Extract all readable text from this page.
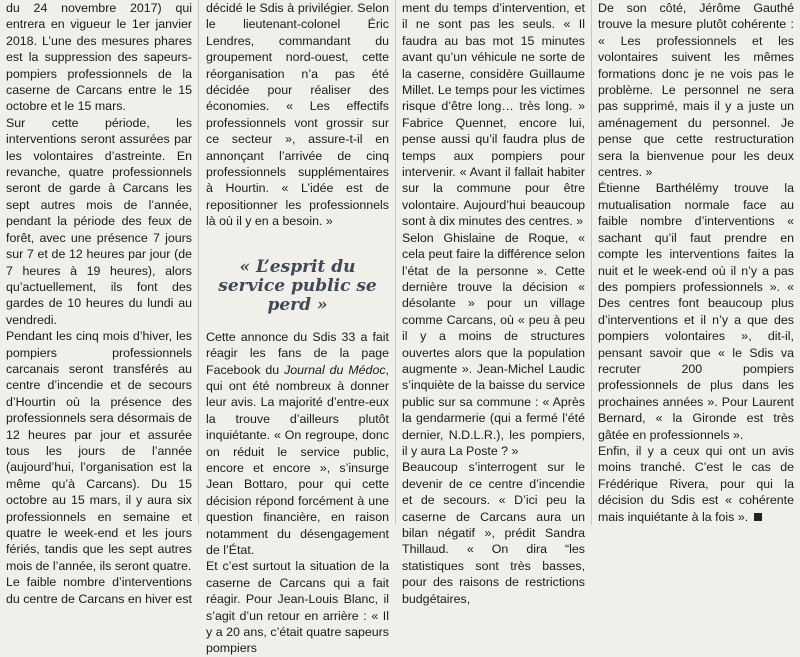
du 24 novembre 2017) qui entrera en vigueur le 1er janvier 2018. L’une des mesures phares est la suppression des sapeurs-pompiers professionnels de la caserne de Carcans entre le 15 octobre et le 15 mars.

Sur cette période, les interventions seront assurées par les volontaires d’astreinte. En revanche, quatre professionnels seront de garde à Carcans les sept autres mois de l’année, pendant la période des feux de forêt, avec une présence 7 jours sur 7 et de 12 heures par jour (de 7 heures à 19 heures), alors qu’actuellement, ils font des gardes de 10 heures du lundi au vendredi.

Pendant les cinq mois d’hiver, les pompiers professionnels carcanais seront transférés au centre d’incendie et de secours d’Hourtin où la présence des professionnels sera désormais de 12 heures par jour et assurée tous les jours de l’année (aujourd’hui, l’organisation est la même qu’à Carcans). Du 15 octobre au 15 mars, il y aura six professionnels en semaine et quatre le week-end et les jours fériés, tandis que les sept autres mois de l’année, ils seront quatre.

Le faible nombre d’interventions du centre de Carcans en hiver est

décidé le Sdis à privilégier. Selon le lieutenant-colonel Éric Lendres, commandant du groupement nord-ouest, cette réorganisation n’a pas été décidée pour réaliser des économies. « Les effectifs professionnels vont grossir sur ce secteur », assure-t-il en annonçant l’arrivée de cinq professionnels supplémentaires à Hourtin. « L’idée est de repositionner les professionnels là où il y en a besoin. »

« L’esprit du service public se perd »

Cette annonce du Sdis 33 a fait réagir les fans de la page Facebook du Journal du Médoc, qui ont été nombreux à donner leur avis. La majorité d’entre-eux la trouve d’ailleurs plutôt inquiétante. « On regroupe, donc on réduit le service public, encore et encore », s’insurge Jean Bottaro, pour qui cette décision répond forcément à une question financière, en raison notamment du désengagement de l’État.

Et c’est surtout la situation de la caserne de Carcans qui a fait réagir. Pour Jean-Louis Blanc, il s’agit d’un retour en arrière : « Il y a 20 ans, c’était quatre sapeurs pompiers

ment du temps d’intervention, et il ne sont pas les seuls. « Il faudra au bas mot 15 minutes avant qu’un véhicule ne sorte de la caserne, considère Guillaume Millet. Le temps pour les victimes risque d’être long… très long. » Fabrice Quennet, encore lui, pense aussi qu’il faudra plus de temps aux pompiers pour intervenir. « Avant il fallait habiter sur la commune pour être volontaire. Aujourd’hui beaucoup sont à dix minutes des centres. »

Selon Ghislaine de Roque, « cela peut faire la différence selon l’état de la personne ». Cette dernière trouve la décision « désolante » pour un village comme Carcans, où « peu à peu il y a moins de structures ouvertes alors que la population augmente ». Jean-Michel Laudic s’inquiète de la baisse du service public sur sa commune : « Après la gendarmerie (qui a fermé l’été dernier, N.D.L.R.), les pompiers, il y aura La Poste ? »

Beaucoup s’interrogent sur le devenir de ce centre d’incendie et de secours. « D’ici peu la caserne de Carcans aura un bilan négatif », prédit Sandra Thillaud. « On dira “les statistiques sont très basses, pour des raisons de restrictions budgétaires,

De son côté, Jérôme Gauthé trouve la mesure plutôt cohérente : « Les professionnels et les volontaires suivent les mêmes formations donc je ne vois pas le problème. Le personnel ne sera pas supprimé, mais il y a juste un aménagement du personnel. Je pense que cette restructuration sera la bienvenue pour les deux centres. »

Étienne Barthélémy trouve la mutualisation normale face au faible nombre d’interventions « sachant qu’il faut prendre en compte les interventions faites la nuit et le week-end où il n’y a pas des pompiers professionnels ». « Des centres font beaucoup plus d’interventions et il n’y a que des pompiers volontaires », dit-il, pensant savoir que « le Sdis va recruter 200 pompiers professionnels de plus dans les prochaines années ». Pour Laurent Bernard, « la Gironde est très gâtée en professionnels ».

Enfin, il y a ceux qui ont un avis moins tranché. C’est le cas de Frédérique Rivera, pour qui la décision du Sdis est « cohérente mais inquiétante à la fois ».
